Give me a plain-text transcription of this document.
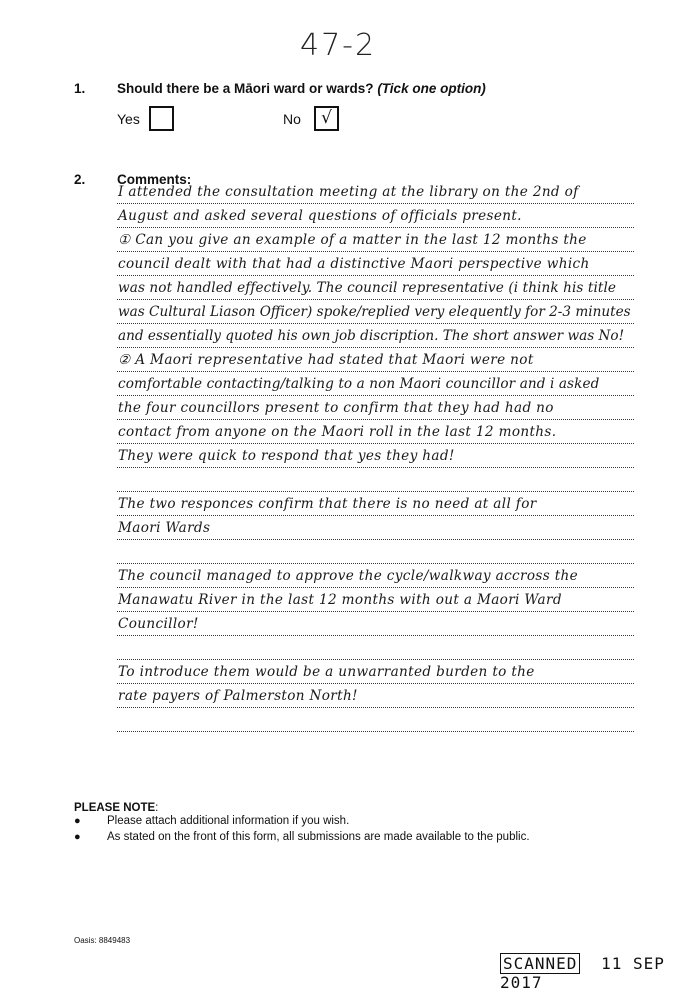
47-2
1. Should there be a Māori ward or wards? (Tick one option)
Yes	No √
2. Comments:
I attended the consultation meeting at the library on the 2nd of
August and asked several questions of officials present.
① Can you give an example of a matter in the last 12 months the
council dealt with that had a distinctive Maori perspective which
was not handled effectively. The council representative (i think his title
was Cultural Liason Officer) spoke/replied very elequently for 2-3 minutes
and essentially quoted his own job discription. The short answer was No!
② A Maori representative had stated that Maori were not
comfortable contacting/talking to a non Maori councillor and i asked
the four councillors present to confirm that they had had no
contact from anyone on the Maori roll in the last 12 months.
They were quick to respond that yes they had!
The two responces confirm that there is no need at all for
Maori Wards
The council managed to approve the cycle/walkway accross the
Manawatu River in the last 12 months with out a Maori Ward
Councillor!
To introduce them would be a unwarranted burden to the
rate payers of Palmerston North!
PLEASE NOTE:
●	Please attach additional information if you wish.
●	As stated on the front of this form, all submissions are made available to the public.
Oasis: 8849483
SCANNED 11 SEP 2017
